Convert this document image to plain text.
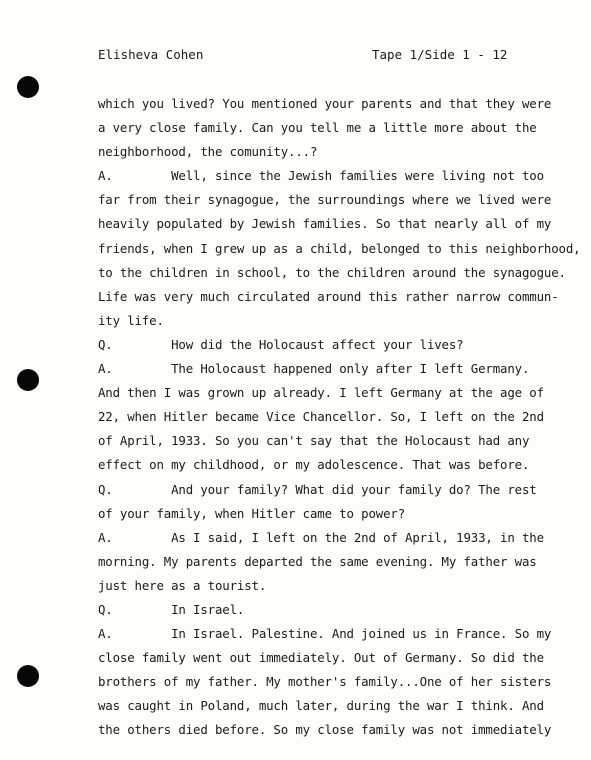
Elisheva Cohen	Tape 1/Side 1 - 12
which you lived? You mentioned your parents and that they were
a very close family. Can you tell me a little more about the
neighborhood, the comunity...?
A.        Well, since the Jewish families were living not too
far from their synagogue, the surroundings where we lived were
heavily populated by Jewish families. So that nearly all of my
friends, when I grew up as a child, belonged to this neighborhood,
to the children in school, to the children around the synagogue.
Life was very much circulated around this rather narrow commun-
ity life.
Q.        How did the Holocaust affect your lives?
A.        The Holocaust happened only after I left Germany.
And then I was grown up already. I left Germany at the age of
22, when Hitler became Vice Chancellor. So, I left on the 2nd
of April, 1933. So you can't say that the Holocaust had any
effect on my childhood, or my adolescence. That was before.
Q.        And your family? What did your family do? The rest
of your family, when Hitler came to power?
A.        As I said, I left on the 2nd of April, 1933, in the
morning. My parents departed the same evening. My father was
just here as a tourist.
Q.        In Israel.
A.        In Israel. Palestine. And joined us in France. So my
close family went out immediately. Out of Germany. So did the
brothers of my father. My mother's family...One of her sisters
was caught in Poland, much later, during the war I think. And
the others died before. So my close family was not immediately
